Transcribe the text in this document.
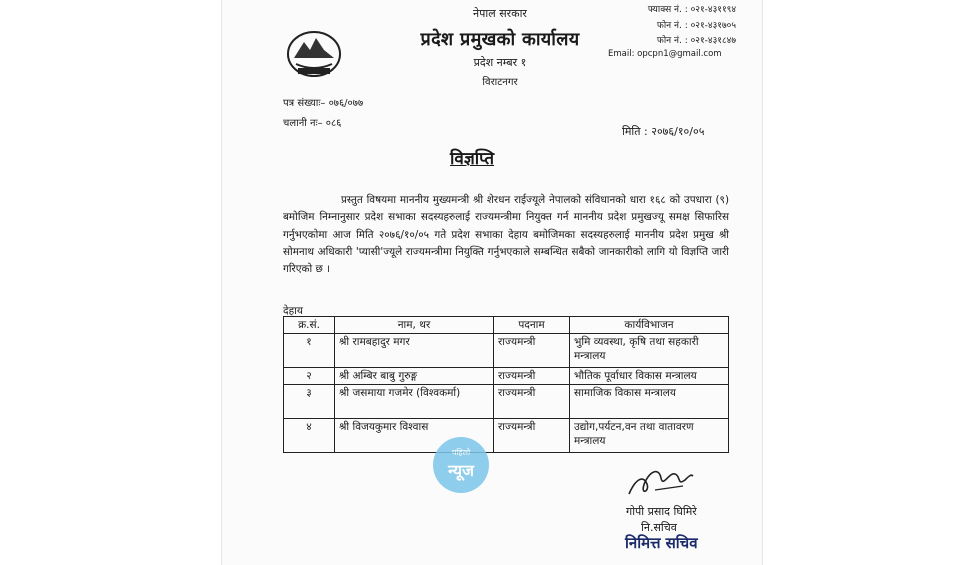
नेपाल सरकार
प्रदेश प्रमुखको कार्यालय
प्रदेश नम्बर १
विराटनगर
फ्याक्स नं. : ०२१-४३११९४
फोन नं. : ०२१-४३१७०५
फोन नं. : ०२१-४३१८४७
Email: opcpn1@gmail.com
पत्र संख्याः– ०७६/०७७
चलानी नः– ०८६
मिति : २०७६/१०/०५
विज्ञप्ति
प्रस्तुत विषयमा माननीय मुख्यमन्त्री श्री शेरधन राईज्यूले नेपालको संविधानको धारा १६८ को उपधारा (९) बमोजिम निम्नानुसार प्रदेश सभाका सदस्यहरुलाई राज्यमन्त्रीमा नियुक्त गर्न माननीय प्रदेश प्रमुखज्यू समक्ष सिफारिस गर्नुभएकोमा आज मिति २०७६/१०/०५ गते प्रदेश सभाका देहाय बमोजिमका सदस्यहरुलाई माननीय प्रदेश प्रमुख श्री सोमनाथ अधिकारी 'प्यासी'ज्यूले राज्यमन्त्रीमा नियुक्ति गर्नुभएकाले सम्बन्धित सबैको जानकारीको लागि यो विज्ञप्ति जारी गरिएको छ ।
देहाय
क्र.सं.	नाम, थर	पदनाम	कार्यविभाजन
१	श्री रामबहादुर मगर	राज्यमन्त्री	भुमि व्यवस्था, कृषि तथा सहकारी मन्त्रालय
२	श्री अम्बिर बाबु गुरुङ्ग	राज्यमन्त्री	भौतिक पूर्वाधार विकास मन्त्रालय
३	श्री जसमाया गजमेर (विश्वकर्मा)	राज्यमन्त्री	सामाजिक विकास मन्त्रालय
४	श्री विजयकुमार विश्वास	राज्यमन्त्री	उद्योग,पर्यटन,वन तथा वातावरण मन्त्रालय
पहिलो
न्यूज
गोपी प्रसाद घिमिरे
नि.सचिव
निमित्त सचिव
